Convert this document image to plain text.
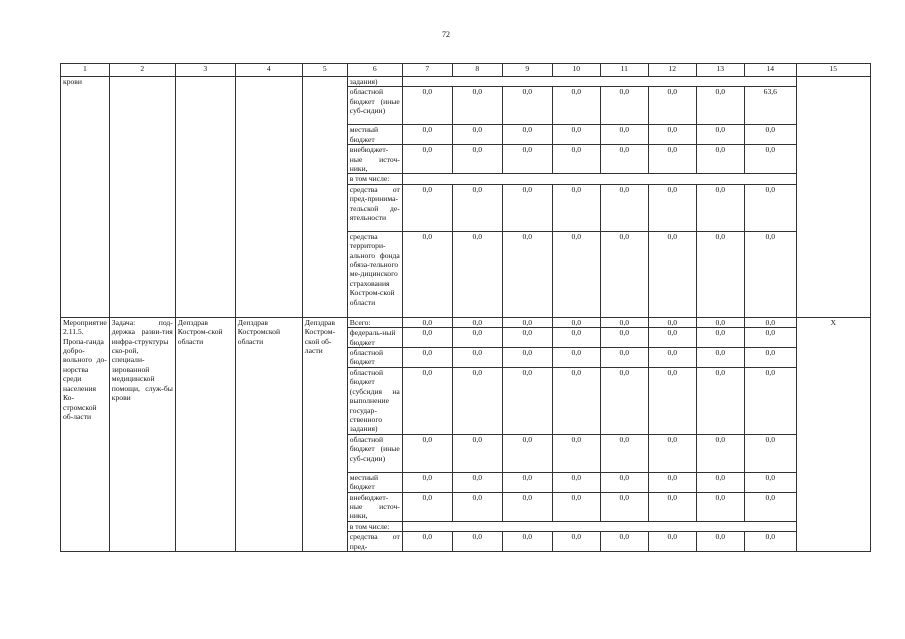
72
1	2	3	4	5	6	7	8	9	10	11	12	13	14	15
крови					задания)									
					областной бюджет (иные суб-сидии)	0,0	0,0	0,0	0,0	0,0	0,0	0,0	63,6	
					местный бюджет	0,0	0,0	0,0	0,0	0,0	0,0	0,0	0,0	
					внебюджет-ные источ-ники,	0,0	0,0	0,0	0,0	0,0	0,0	0,0	0,0	
					в том числе:									
					средства от пред-принима-тельской де-ятельности	0,0	0,0	0,0	0,0	0,0	0,0	0,0	0,0	
					средства территори-ального фонда обяза-тельного ме-дицинского страхования Костром-ской области	0,0	0,0	0,0	0,0	0,0	0,0	0,0	0,0	
Мероприятие 2.11.5. Пропа-ганда добро-вольного до-норства среди населения Ко-стромской об-ласти	Задача: под-держка разви-тия инфра-структуры ско-рой, специали-зированной медицинской помощи, служ-бы крови	Депздрав Костром-ской области	Депздрав Костромской области	Депздрав Костром-ской об-ласти	Всего:	0,0	0,0	0,0	0,0	0,0	0,0	0,0	0,0	Х
					федераль-ный бюджет	0,0	0,0	0,0	0,0	0,0	0,0	0,0	0,0	
					областной бюджет	0,0	0,0	0,0	0,0	0,0	0,0	0,0	0,0	
					областной бюджет (субсидия на выполнение государ-ственного задания)	0,0	0,0	0,0	0,0	0,0	0,0	0,0	0,0	
					областной бюджет (иные суб-сидии)	0,0	0,0	0,0	0,0	0,0	0,0	0,0	0,0	
					местный бюджет	0,0	0,0	0,0	0,0	0,0	0,0	0,0	0,0	
					внебюджет-ные источ-ники,	0,0	0,0	0,0	0,0	0,0	0,0	0,0	0,0	
					в том числе:									
					средства от пред-	0,0	0,0	0,0	0,0	0,0	0,0	0,0	0,0	
